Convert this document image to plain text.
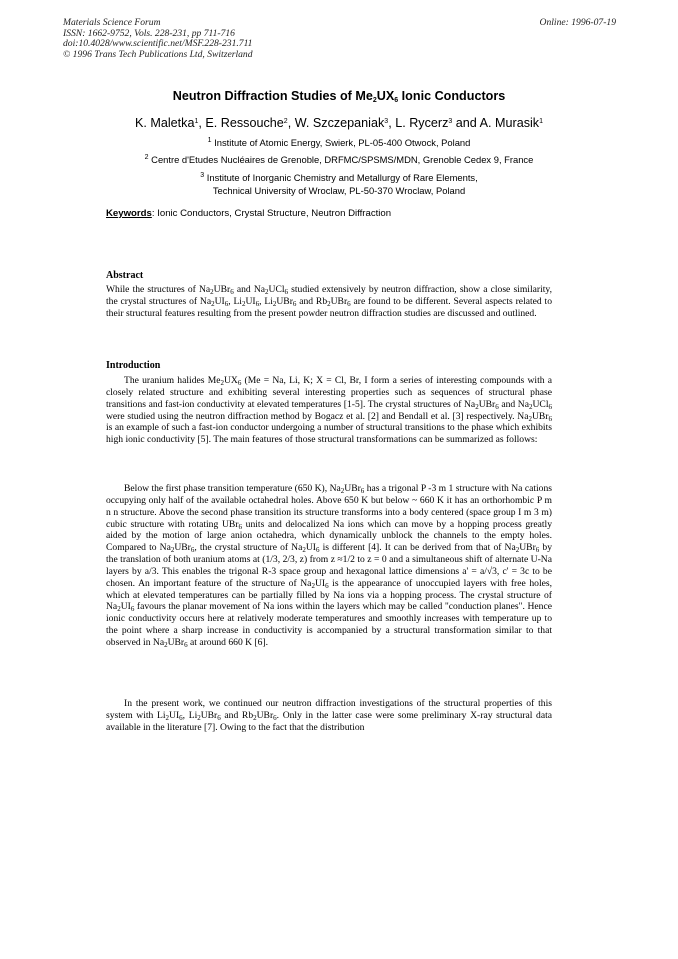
Materials Science Forum
ISSN: 1662-9752, Vols. 228-231, pp 711-716
doi:10.4028/www.scientific.net/MSF.228-231.711
© 1996 Trans Tech Publications Ltd, Switzerland
Online: 1996-07-19
Neutron Diffraction Studies of $Me_2UX_6$ Ionic Conductors
K. Maletka$^1$, E. Ressouche$^2$, W. Szczepaniak$^3$, L. Rycerz$^3$ and A. Murasik$^1$
$^1$ Institute of Atomic Energy, Swierk, PL-05-400 Otwock, Poland
$^2$ Centre d'Etudes Nucléaires de Grenoble, DRFMC/SPSMS/MDN, Grenoble Cedex 9, France
$^3$ Institute of Inorganic Chemistry and Metallurgy of Rare Elements,
Technical University of Wroclaw, PL-50-370 Wroclaw, Poland
Keywords: Ionic Conductors, Crystal Structure, Neutron Diffraction
Abstract
While the structures of $Na_2UBr_6$ and $Na_2UCl_6$ studied extensively by neutron diffraction, show a close similarity, the crystal structures of $Na_2UI_6$, $Li_2UI_6$, $Li_2UBr_6$ and $Rb_2UBr_6$ are found to be different. Several aspects related to their structural features resulting from the present powder neutron diffraction studies are discussed and outlined.
Introduction
The uranium halides $Me_2UX_6$ (Me = Na, Li, K; X = Cl, Br, I form a series of interesting compounds with a closely related structure and exhibiting several interesting properties such as sequences of structural phase transitions and fast-ion conductivity at elevated temperatures [1-5]. The crystal structures of $Na_2UBr_6$ and $Na_2UCl_6$ were studied using the neutron diffraction method by Bogacz et al. [2] and Bendall et al. [3] respectively. $Na_2UBr_6$ is an example of such a fast-ion conductor undergoing a number of structural transitions to the phase which exhibits high ionic conductivity [5]. The main features of those structural transformations can be summarized as follows:
Below the first phase transition temperature (650 K), $Na_2UBr_6$ has a trigonal P -3 m 1 structure with Na cations occupying only half of the available octahedral holes. Above 650 K but below ~ 660 K it has an orthorhombic P m n n structure. Above the second phase transition its structure transforms into a body centered (space group I m 3 m) cubic structure with rotating UBr$_6$ units and delocalized Na ions which can move by a hopping process greatly aided by the motion of large anion octahedra, which dynamically unblock the channels to the empty holes. Compared to $Na_2UBr_6$, the crystal structure of $Na_2UI_6$ is different [4]. It can be derived from that of $Na_2UBr_6$ by the translation of both uranium atoms at (1/3, 2/3, z) from z ≈1/2 to z = 0 and a simultaneous shift of alternate U-Na layers by a/3. This enables the trigonal R-3 space group and hexagonal lattice dimensions a' = a/√3, c' = 3c to be chosen. An important feature of the structure of $Na_2UI_6$ is the appearance of unoccupied layers with free holes, which at elevated temperatures can be partially filled by Na ions via a hopping process. The crystal structure of $Na_2UI_6$ favours the planar movement of Na ions within the layers which may be called "conduction planes". Hence ionic conductivity occurs here at relatively moderate temperatures and smoothly increases with temperature up to the point where a sharp increase in conductivity is accompanied by a structural transformation similar to that observed in $Na_2UBr_6$ at around 660 K [6].
In the present work, we continued our neutron diffraction investigations of the structural properties of this system with $Li_2UI_6$, $Li_2UBr_6$ and $Rb_2UBr_6$. Only in the latter case were some preliminary X-ray structural data available in the literature [7]. Owing to the fact that the distribution
